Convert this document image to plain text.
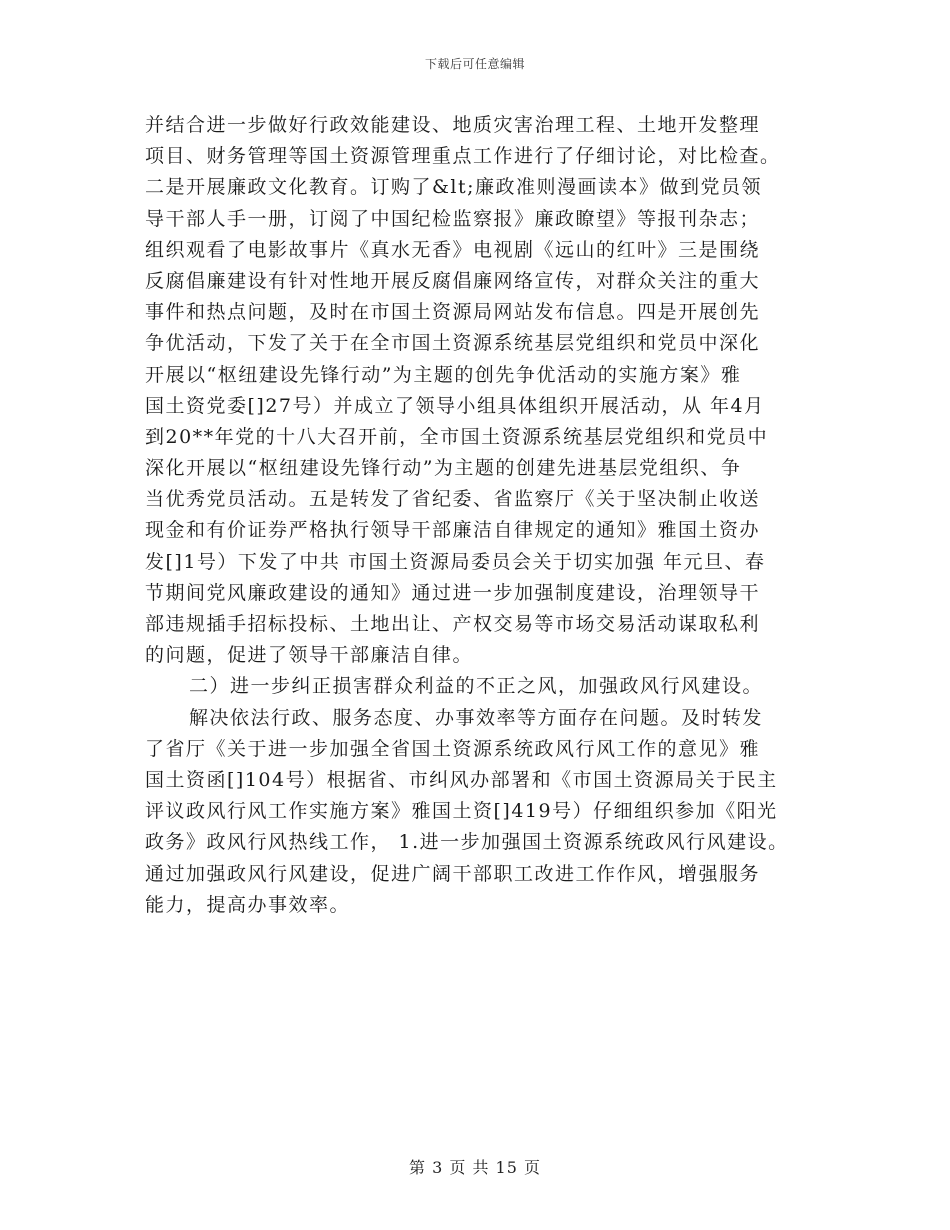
下载后可任意编辑
并结合进一步做好行政效能建设、地质灾害治理工程、土地开发整理
项目、财务管理等国土资源管理重点工作进行了仔细讨论，对比检查。
二是开展廉政文化教育。订购了&lt;廉政准则漫画读本》做到党员领
导干部人手一册，订阅了中国纪检监察报》廉政瞭望》等报刊杂志；
组织观看了电影故事片《真水无香》电视剧《远山的红叶》三是围绕
反腐倡廉建设有针对性地开展反腐倡廉网络宣传，对群众关注的重大
事件和热点问题，及时在市国土资源局网站发布信息。四是开展创先
争优活动，下发了关于在全市国土资源系统基层党组织和党员中深化
开展以“枢纽建设先锋行动”为主题的创先争优活动的实施方案》雅
国土资党委[]27号）并成立了领导小组具体组织开展活动，从 年4月
到20**年党的十八大召开前，全市国土资源系统基层党组织和党员中
深化开展以“枢纽建设先锋行动”为主题的创建先进基层党组织、争
当优秀党员活动。五是转发了省纪委、省监察厅《关于坚决制止收送
现金和有价证券严格执行领导干部廉洁自律规定的通知》雅国土资办
发[]1号）下发了中共 市国土资源局委员会关于切实加强 年元旦、春
节期间党风廉政建设的通知》通过进一步加强制度建设，治理领导干
部违规插手招标投标、土地出让、产权交易等市场交易活动谋取私利
的问题，促进了领导干部廉洁自律。
二）进一步纠正损害群众利益的不正之风，加强政风行风建设。
解决依法行政、服务态度、办事效率等方面存在问题。及时转发
了省厅《关于进一步加强全省国土资源系统政风行风工作的意见》雅
国土资函[]104号）根据省、市纠风办部署和《市国土资源局关于民主
评议政风行风工作实施方案》雅国土资[]419号）仔细组织参加《阳光
政务》政风行风热线工作， 1.进一步加强国土资源系统政风行风建设。
通过加强政风行风建设，促进广阔干部职工改进工作作风，增强服务
能力，提高办事效率。
第 3 页 共 15 页
